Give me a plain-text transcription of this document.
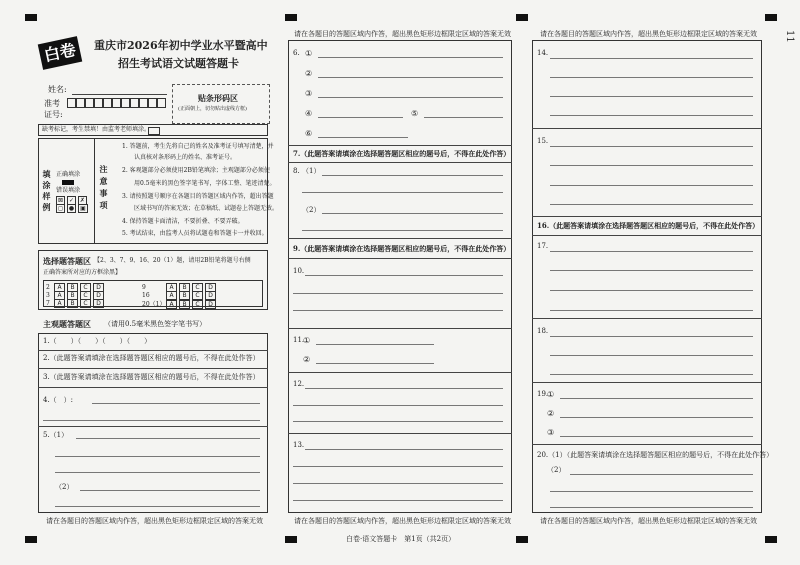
11
白卷	重庆市2026年初中学业水平暨高中
招生考试语文试题答题卡
姓名:
准考证号:
贴条形码区
(正面朝上，切勿贴出虚线方框)
缺考标记，考生禁填！由监考老师填涂。
填涂样例 正确填涂
错误填涂
⊠ ✓ ✗
◻ ● ▣ 注意事项
1. 答题前，考生先将自己的姓名及准考证号填写清楚，并
认真核对条形码上的姓名、准考证号。
2. 客观题部分必须使用2B铅笔填涂；主观题部分必须使
用0.5毫米的黑色签字笔书写，字体工整、笔迹清楚。
3. 请按照题号顺序在各题目的答题区域内作答，超出答题
区域书写的答案无效；在草稿纸、试题卷上答题无效。
4. 保持答题卡面清洁，不要折叠、不要弄破。
5. 考试结束，由监考人员将试题卷和答题卡一并收回。
选择题答题区 【2、3、7、9、16、20（1）题，请用2B铅笔将题号右侧
正确答案所对应的方框涂黑】
2 A B C D
3 A B C D
7 A B C D
9	A B C D
16	A B C D
20（1） A B C D
主观题答题区 （请用0.5毫米黑色签字笔书写）
1.（　　）（　　）（　　）（　　）
2.（此题答案请填涂在选择题答题区相应的题号后，不得在此处作答）
3.（此题答案请填涂在选择题答题区相应的题号后，不得在此处作答）
4.（　）:
5.（1）
（2）
请在各题目的答题区域内作答，超出黑色矩形边框限定区域的答案无效
请在各题目的答题区域内作答，超出黑色矩形边框限定区域的答案无效
6. ①
②
③
④	⑤
⑥
7.（此题答案请填涂在选择题答题区相应的题号后，不得在此处作答）
8. （1）
（2）
9.（此题答案请填涂在选择题答题区相应的题号后，不得在此处作答）
10.
11.
①
②
12.
13.
请在各题目的答题区域内作答，超出黑色矩形边框限定区域的答案无效
请在各题目的答题区域内作答，超出黑色矩形边框限定区域的答案无效
14.
15.
16.（此题答案请填涂在选择题答题区相应的题号后，不得在此处作答）
17.
18.
19.
①
②
③
20.（1）（此题答案请填涂在选择题答题区相应的题号后，不得在此处作答）
（2）
请在各题目的答题区域内作答，超出黑色矩形边框限定区域的答案无效
白卷·语文答题卡　第1页（共2页）
